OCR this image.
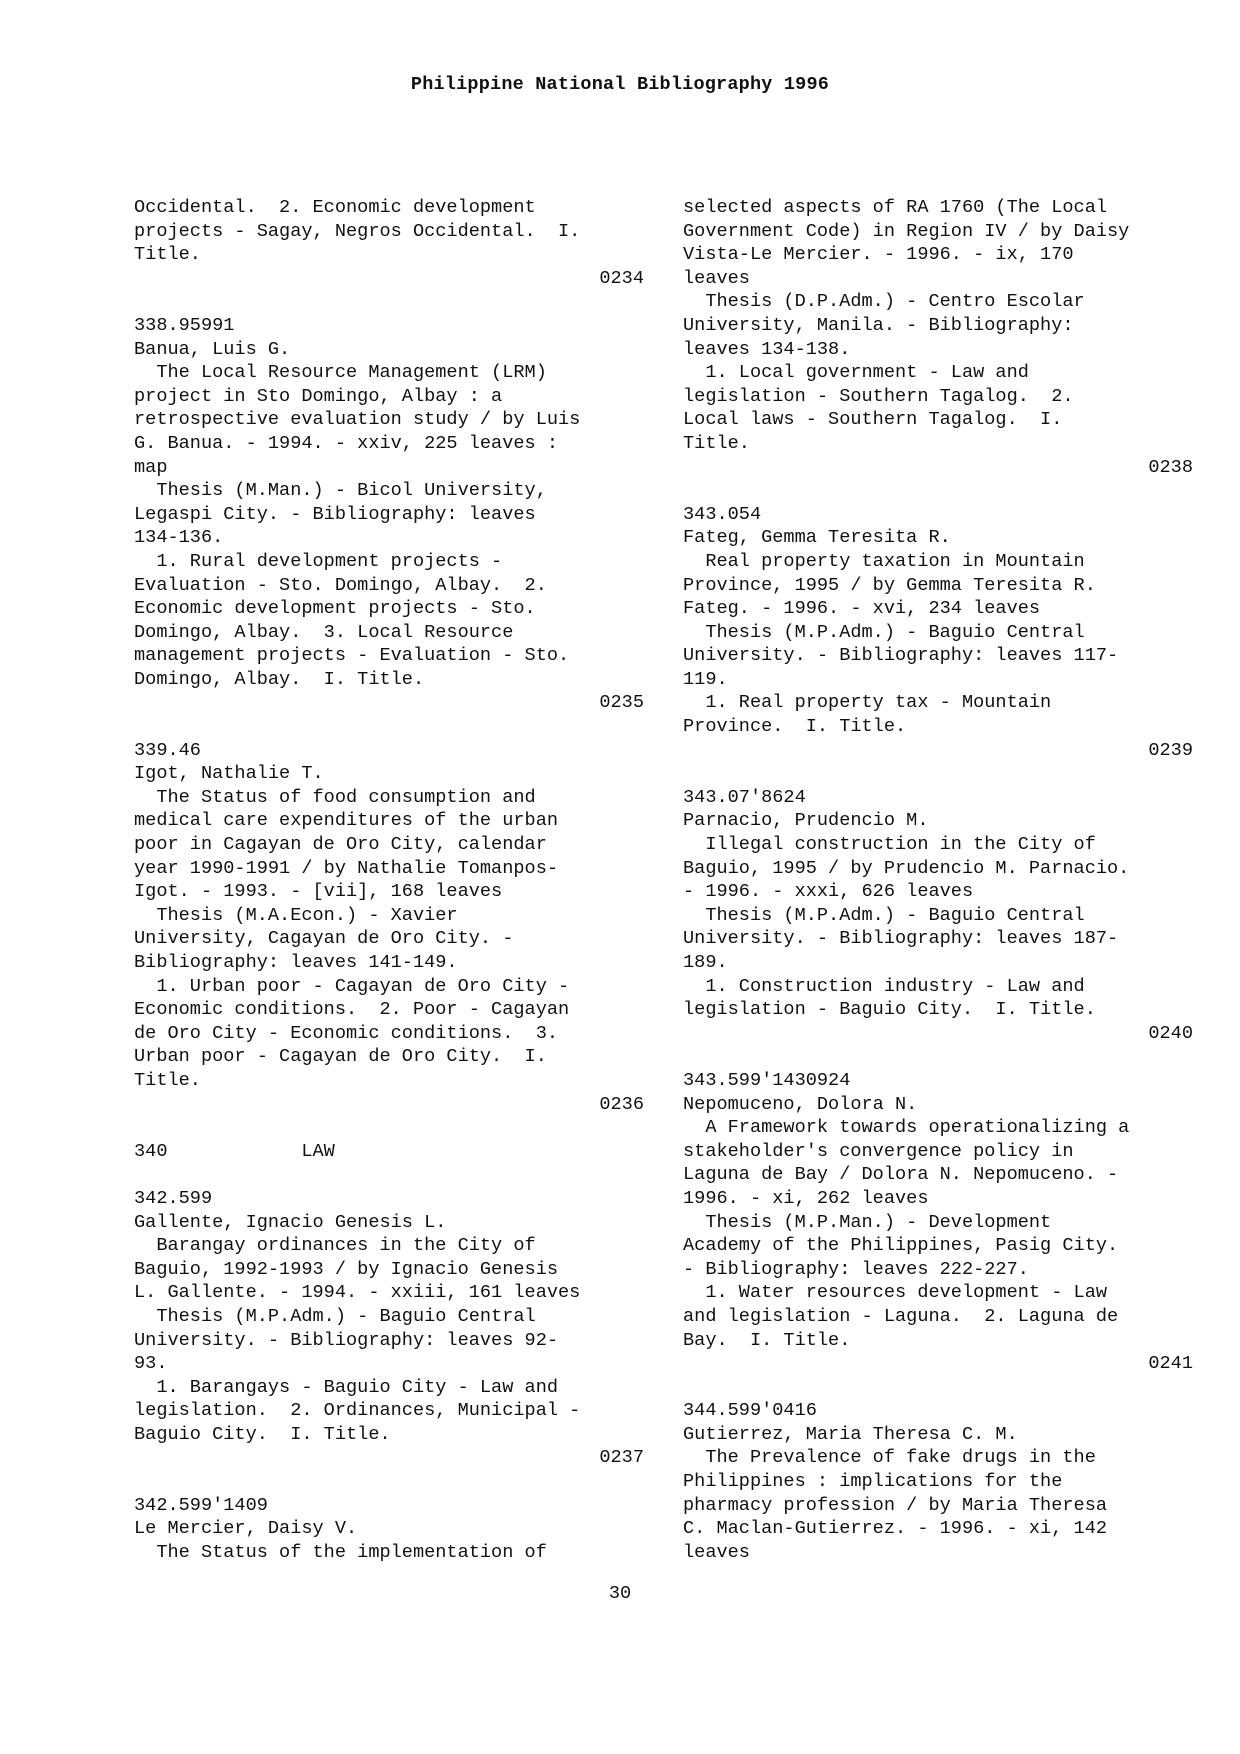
Philippine National Bibliography 1996
Occidental.  2. Economic development
projects - Sagay, Negros Occidental.  I.
Title.
0234
338.95991
Banua, Luis G.
The Local Resource Management (LRM)
project in Sto Domingo, Albay : a
retrospective evaluation study / by Luis
G. Banua. - 1994. - xxiv, 225 leaves :
map
Thesis (M.Man.) - Bicol University,
Legaspi City. - Bibliography: leaves
134-136.
1. Rural development projects -
Evaluation - Sto. Domingo, Albay.  2.
Economic development projects - Sto.
Domingo, Albay.  3. Local Resource
management projects - Evaluation - Sto.
Domingo, Albay.  I. Title.
0235
339.46
Igot, Nathalie T.
The Status of food consumption and
medical care expenditures of the urban
poor in Cagayan de Oro City, calendar
year 1990-1991 / by Nathalie Tomanpos-
Igot. - 1993. - [vii], 168 leaves
Thesis (M.A.Econ.) - Xavier
University, Cagayan de Oro City. -
Bibliography: leaves 141-149.
1. Urban poor - Cagayan de Oro City -
Economic conditions.  2. Poor - Cagayan
de Oro City - Economic conditions.  3.
Urban poor - Cagayan de Oro City.  I.
Title.
0236
340            LAW
342.599
Gallente, Ignacio Genesis L.
Barangay ordinances in the City of
Baguio, 1992-1993 / by Ignacio Genesis
L. Gallente. - 1994. - xxiii, 161 leaves
Thesis (M.P.Adm.) - Baguio Central
University. - Bibliography: leaves 92-
93.
1. Barangays - Baguio City - Law and
legislation.  2. Ordinances, Municipal -
Baguio City.  I. Title.
0237
342.599'1409
Le Mercier, Daisy V.
The Status of the implementation of
selected aspects of RA 1760 (The Local
Government Code) in Region IV / by Daisy
Vista-Le Mercier. - 1996. - ix, 170
leaves
Thesis (D.P.Adm.) - Centro Escolar
University, Manila. - Bibliography:
leaves 134-138.
1. Local government - Law and
legislation - Southern Tagalog.  2.
Local laws - Southern Tagalog.  I.
Title.
0238
343.054
Fateg, Gemma Teresita R.
Real property taxation in Mountain
Province, 1995 / by Gemma Teresita R.
Fateg. - 1996. - xvi, 234 leaves
Thesis (M.P.Adm.) - Baguio Central
University. - Bibliography: leaves 117-
119.
1. Real property tax - Mountain
Province.  I. Title.
0239
343.07'8624
Parnacio, Prudencio M.
Illegal construction in the City of
Baguio, 1995 / by Prudencio M. Parnacio.
- 1996. - xxxi, 626 leaves
Thesis (M.P.Adm.) - Baguio Central
University. - Bibliography: leaves 187-
189.
1. Construction industry - Law and
legislation - Baguio City.  I. Title.
0240
343.599'1430924
Nepomuceno, Dolora N.
A Framework towards operationalizing a
stakeholder's convergence policy in
Laguna de Bay / Dolora N. Nepomuceno. -
1996. - xi, 262 leaves
Thesis (M.P.Man.) - Development
Academy of the Philippines, Pasig City.
- Bibliography: leaves 222-227.
1. Water resources development - Law
and legislation - Laguna.  2. Laguna de
Bay.  I. Title.
0241
344.599'0416
Gutierrez, Maria Theresa C. M.
The Prevalence of fake drugs in the
Philippines : implications for the
pharmacy profession / by Maria Theresa
C. Maclan-Gutierrez. - 1996. - xi, 142
leaves
30
